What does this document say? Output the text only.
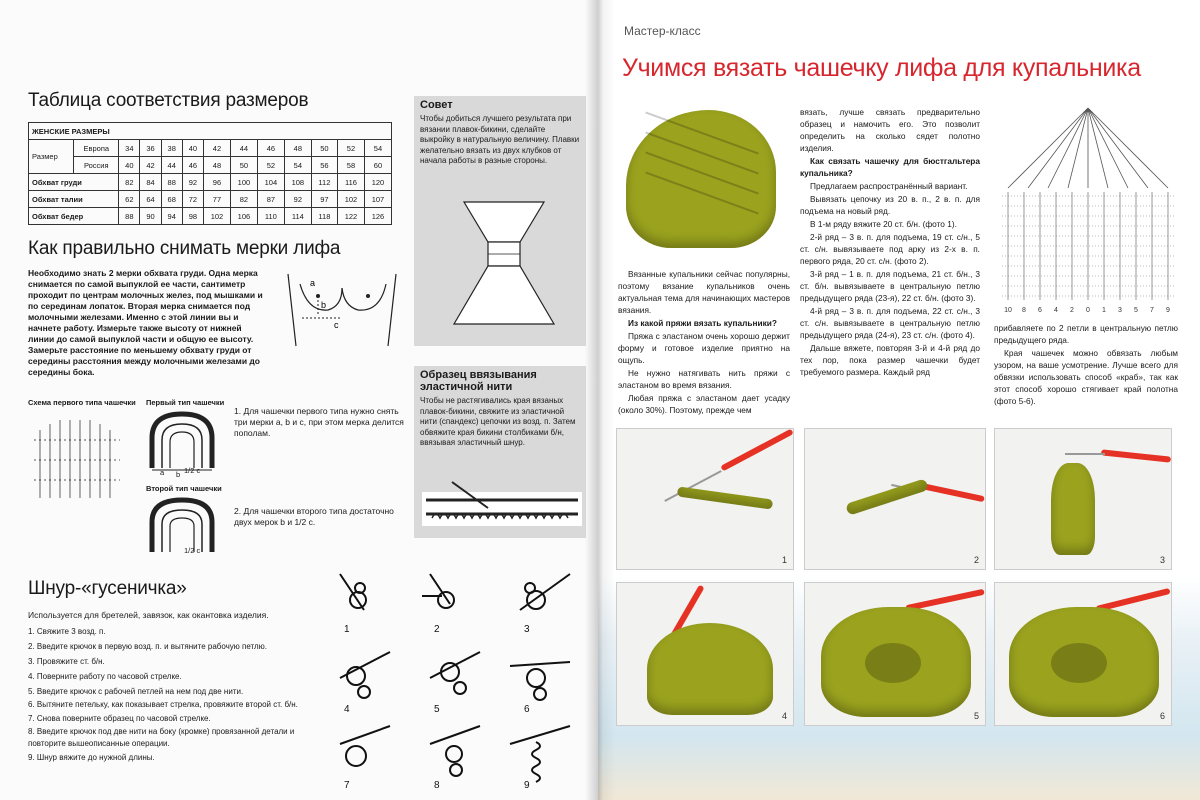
Таблица соответствия размеров
ЖЕНСКИЕ РАЗМЕРЫ												
Размер	Европа	34	36	38	40	42	44	46	48	50	52	54
	Россия	40	42	44	46	48	50	52	54	56	58	60
Обхват груди		82	84	88	92	96	100	104	108	112	116	120
Обхват талии		62	64	68	72	77	82	87	92	97	102	107
Обхват бедер		88	90	94	98	102	106	110	114	118	122	126
Совет

Чтобы добиться лучшего результата при вязании плавок-бикини, сделайте выкройку в натуральную величину. Плавки желательно вязать из двух клубков от начала работы в разные стороны.

Как правильно снимать мерки лифа
Необходимо знать 2 мерки обхвата груди. Одна мерка снимается по самой выпуклой ее части, сантиметр проходит по центрам молочных желез, под мышками и по серединам лопаток. Вторая мерка снимается под молочными железами. Именно с этой линии вы и начнете работу. Измерьте также высоту от нижней линии до самой выпуклой части и общую ее высоту. Замерьте расстояние по меньшему обхвату груди от середины расстояния между молочными железами до середины бока.
a
b
c
Образец ввязывания эластичной нити

Чтобы не растягивались края вязаных плавок-бикини, свяжите из эластичной нити (спандекс) цепочки из возд. п. Затем обвяжите края бикини столбиками б/н, ввязывая эластичный шнур.

Схема первого типа чашечки Первый тип чашечки
a b 1/2 с
Второй тип чашечки
1/2 с
1. Для чашечки первого типа нужно снять три мерки a, b и c, при этом мерка делится пополам.
2. Для чашечки второго типа достаточно двух мерок b и 1/2 с.
Шнур-«гусеничка»
Используется для бретелей, завязок, как окантовка изделия.
1. Свяжите 3 возд. п.
2. Введите крючок в первую возд. п. и вытяните рабочую петлю.
3. Провяжите ст. б/н.
4. Поверните работу по часовой стрелке.
5. Введите крючок с рабочей петлей на нем под две нити.
6. Вытяните петельку, как показывает стрелка, провяжите второй ст. б/н.
7. Снова поверните образец по часовой стрелке.
8. Введите крючок под две нити на боку (кромке) провязанной детали и повторите вышеописанные операции.
9. Шнур вяжите до нужной длины.
1	2	3
4	5	6
7	8	9
Мастер-класс
Учимся вязать чашечку лифа для купальника

Вязанные купальники сейчас популярны, поэтому вязание купальников очень актуальная тема для начинающих мастеров вязания.

Из какой пряжи вязать купальники?

Пряжа с эластаном очень хорошо держит форму и готовое изделие приятно на ощупь.

Не нужно натягивать нить пряжи с эластаном во время вязания.

Любая пряжа с эластаном дает усадку (около 30%). Поэтому, прежде чем

вязать, лучше связать предварительно образец и намочить его. Это позволит определить на сколько сядет полотно изделия.

Как связать чашечку для бюстгальтера купальника?

Предлагаем распространённый вариант.

Вывязать цепочку из 20 в. п., 2 в. п. для подъема на новый ряд.

В 1-м ряду вяжите 20 ст. б/н. (фото 1).

2-й ряд – 3 в. п. для подъема, 19 ст. с/н., 5 ст. с/н. вывязываете под арку из 2-х в. п. первого ряда, 20 ст. с/н. (фото 2).

3-й ряд – 1 в. п. для подъема, 21 ст. б/н., 3 ст. б/н. вывязываете в центральную петлю предыдущего ряда (23-я), 22 ст. б/н. (фото 3).

4-й ряд – 3 в. п. для подъема, 22 ст. с/н., 3 ст. с/н. вывязываете в центральную петлю предыдущего ряда (24-я), 23 ст. с/н. (фото 4).

Дальше вяжете, повторяя 3-й и 4-й ряд до тех пор, пока размер чашечки будет требуемого размера. Каждый ряд

10 8 6 4 2 0 1 3 5 7 9

прибавляете по 2 петли в центральную петлю предыдущего ряда.

Края чашечек можно обвязать любым узором, на ваше усмотрение. Лучше всего для обвязки использовать способ «краб», так как этот способ хорошо стягивает край полотна (фото 5-6).

1	2	3
4	5	6
